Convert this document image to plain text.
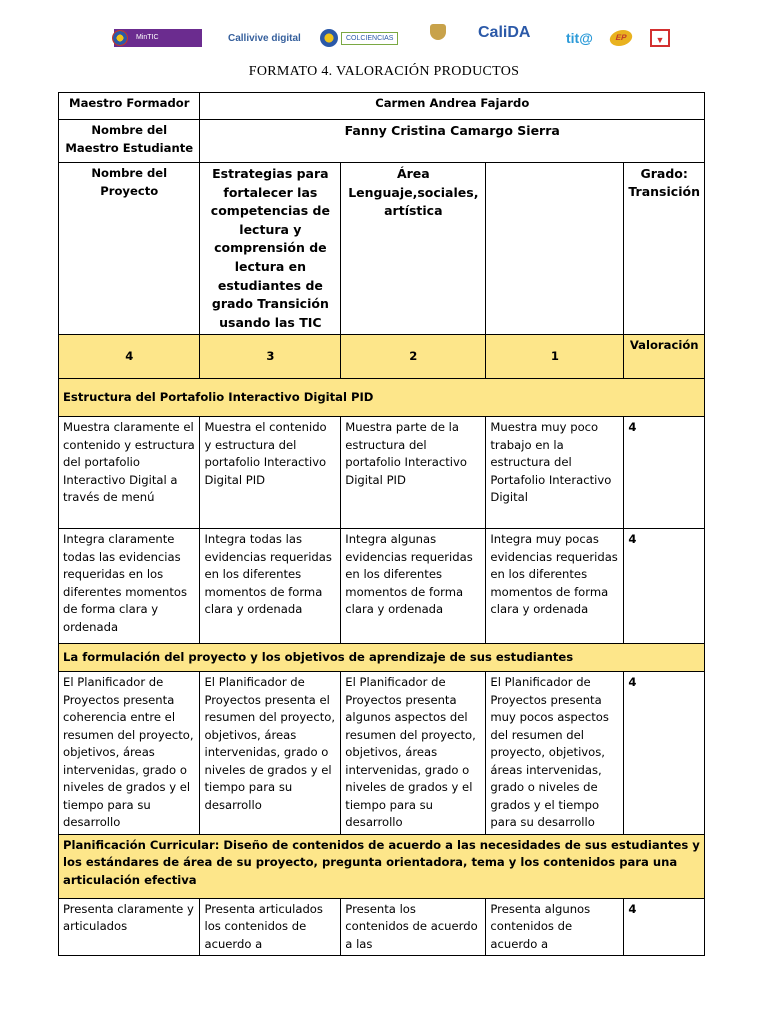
MinTIC	Callivive digital	COLCIENCIAS	CaliDA	tit@	EP	▼
FORMATO 4. VALORACIÓN PRODUCTOS
Maestro Formador	Carmen Andrea Fajardo			
Nombre del Maestro Estudiante	Fanny Cristina Camargo Sierra			
Nombre del Proyecto	Estrategias para fortalecer las competencias de lectura y comprensión de lectura en estudiantes de grado Transición usando las TIC	Área Lenguaje,sociales, artística		Grado: Transición
4	3	2	1	Valoración
Estructura del Portafolio Interactivo Digital PID				
Muestra claramente el contenido y estructura del portafolio Interactivo Digital a través de menú	Muestra el contenido y estructura del portafolio Interactivo Digital PID	Muestra parte de la estructura del portafolio Interactivo Digital PID	Muestra muy poco trabajo en la estructura del Portafolio Interactivo Digital	4
Integra claramente todas las evidencias requeridas en los diferentes momentos de forma clara y ordenada	Integra todas las evidencias requeridas en los diferentes momentos de forma clara y ordenada	Integra algunas evidencias requeridas en los diferentes momentos de forma clara y ordenada	Integra muy pocas evidencias requeridas en los diferentes momentos de forma clara y ordenada	4
La formulación del proyecto y los objetivos de aprendizaje de sus estudiantes				
El Planificador de Proyectos presenta coherencia entre el resumen del proyecto, objetivos, áreas intervenidas, grado o niveles de grados y el tiempo para su desarrollo	El Planificador de Proyectos presenta el resumen del proyecto, objetivos, áreas intervenidas, grado o niveles de grados y el tiempo para su desarrollo	El Planificador de Proyectos presenta algunos aspectos del resumen del proyecto, objetivos, áreas intervenidas, grado o niveles de grados y el tiempo para su desarrollo	El Planificador de Proyectos presenta muy pocos aspectos del resumen del proyecto, objetivos, áreas intervenidas, grado o niveles de grados y el tiempo para su desarrollo	4
Planificación Curricular: Diseño de contenidos de acuerdo a las necesidades de sus estudiantes y los estándares de área de su proyecto, pregunta orientadora, tema y los contenidos para una articulación efectiva				
Presenta claramente y articulados	Presenta articulados los contenidos de acuerdo a	Presenta los contenidos de acuerdo a las	Presenta algunos contenidos de acuerdo a	4
